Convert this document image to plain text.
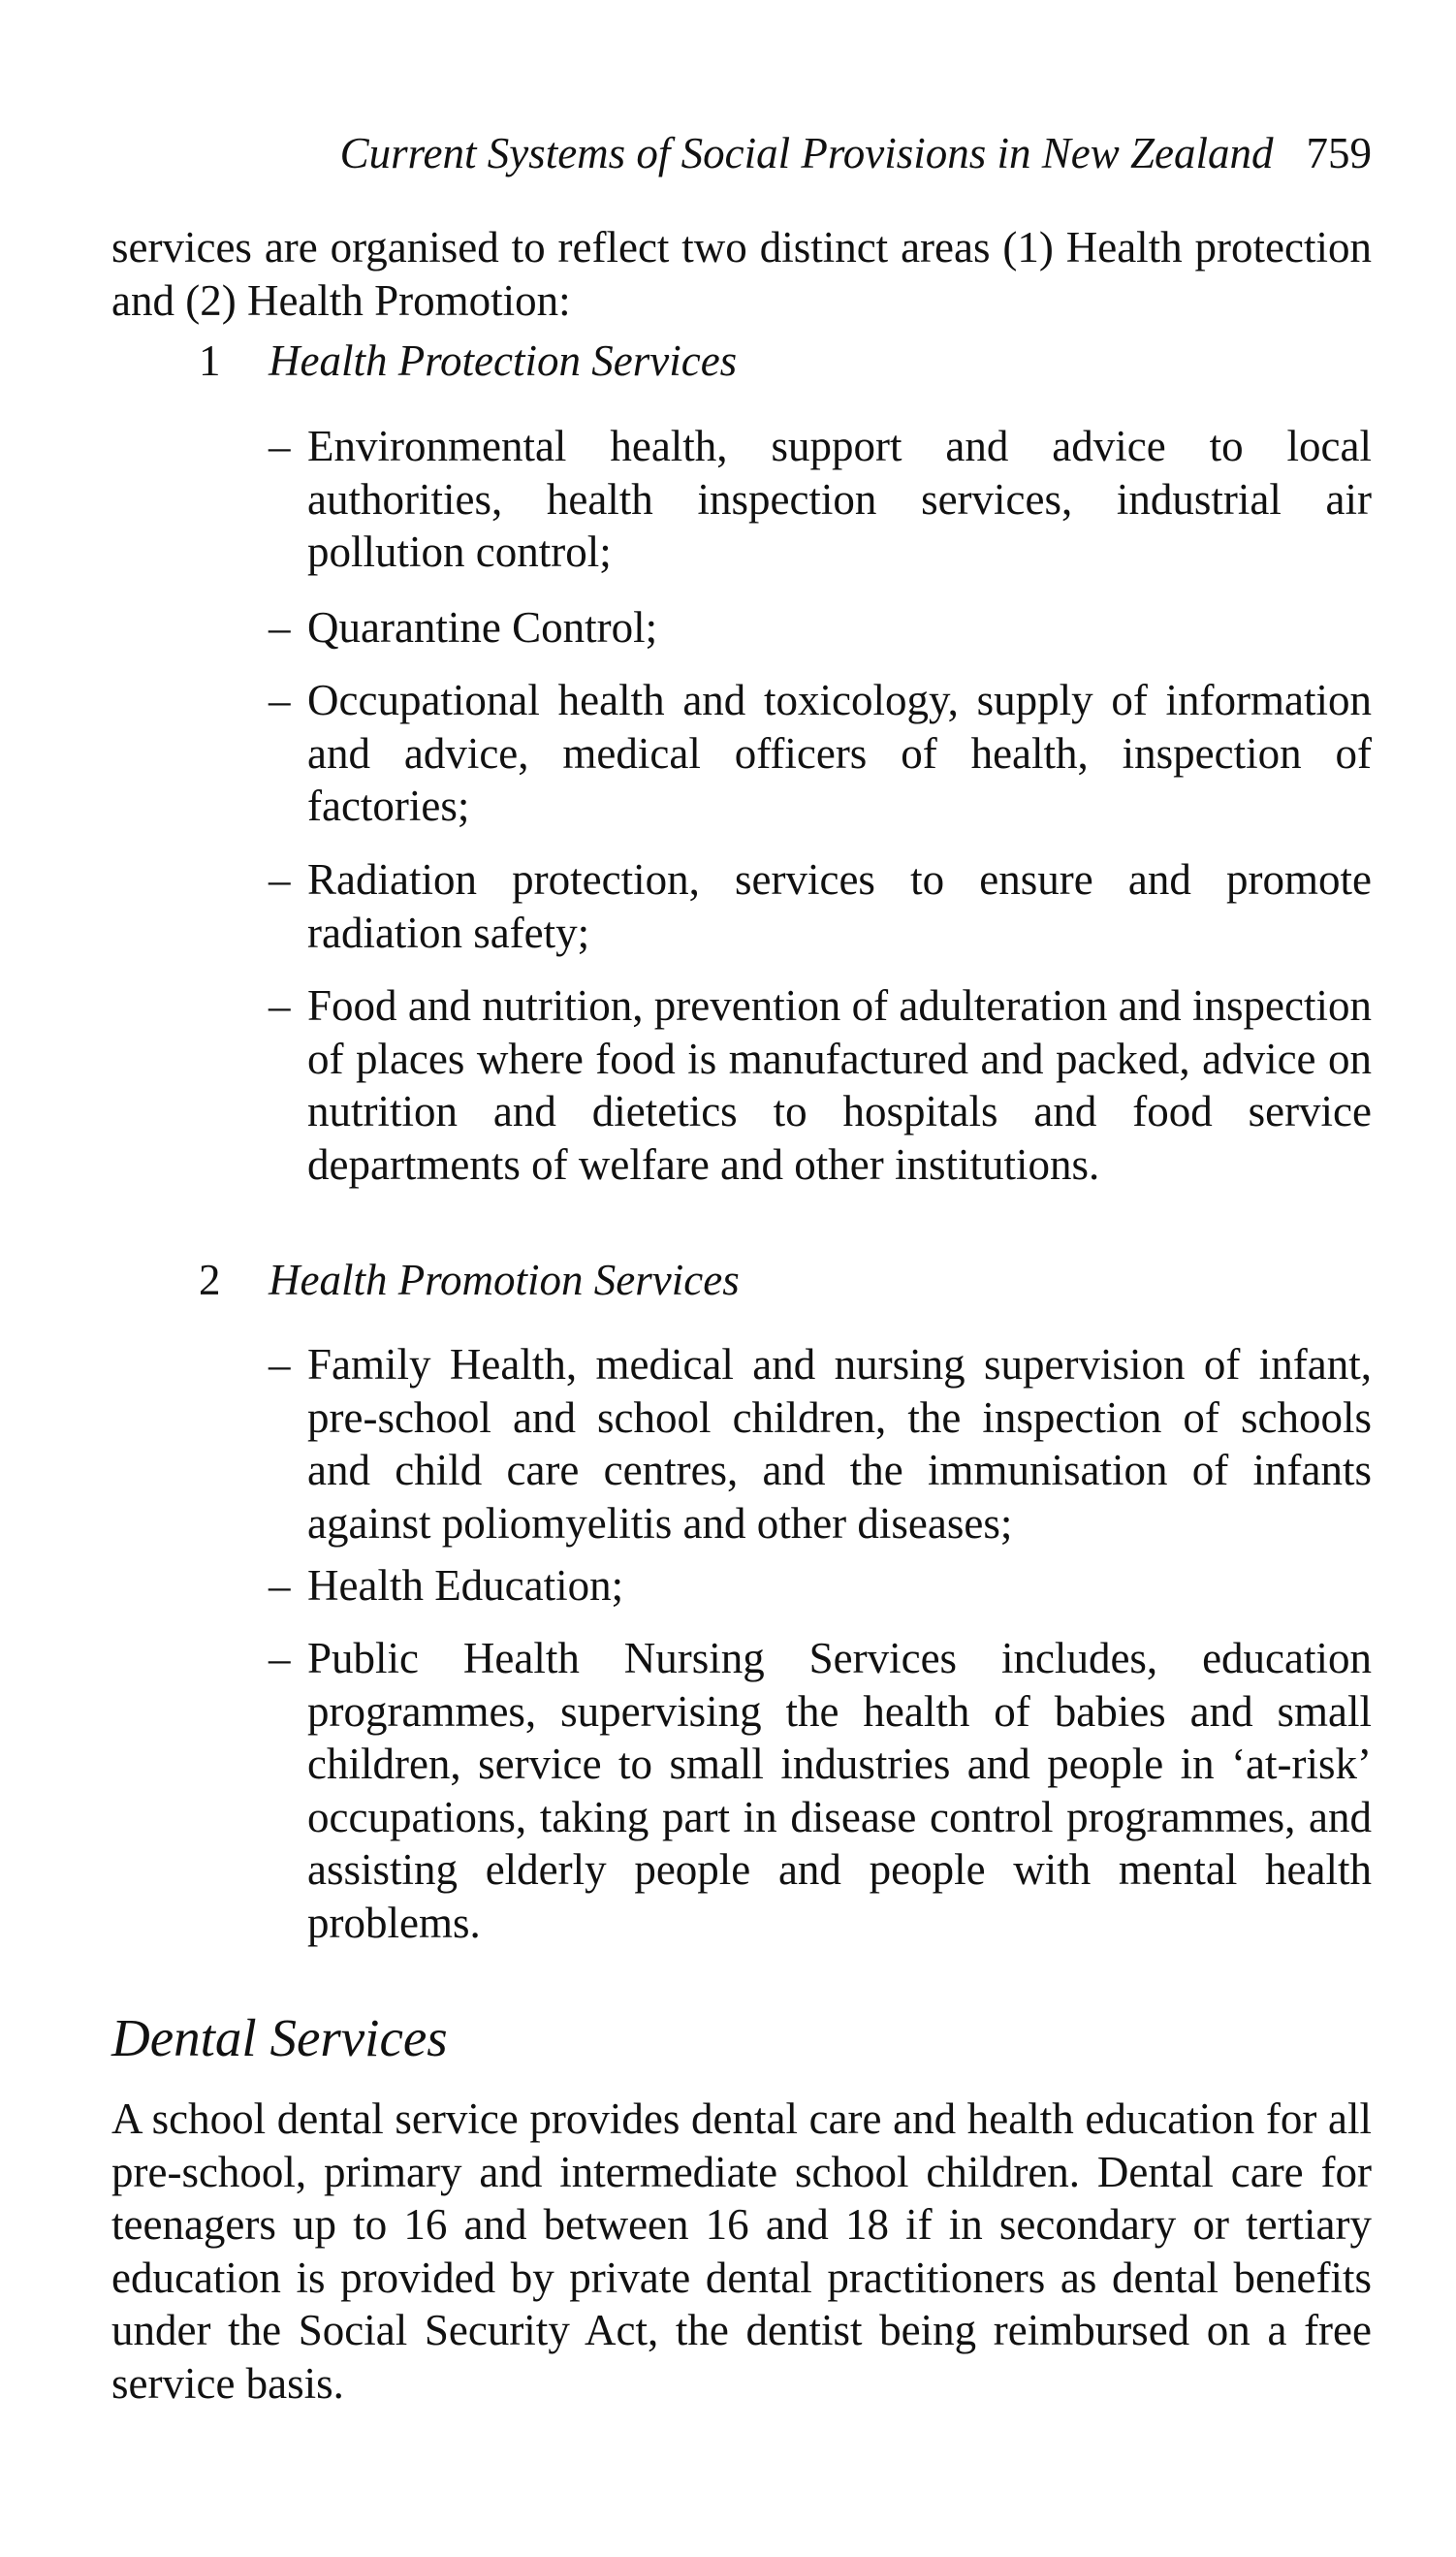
Current Systems of Social Provisions in New Zealand 759

services are organised to reflect two distinct areas (1) Health protection and (2) Health Promotion:

1 Health Protection Services
– Environmental health, support and advice to local authorities, health inspection services, industrial air pollution control;
– Quarantine Control;
– Occupational health and toxicology, supply of information and advice, medical officers of health, inspection of factories;
– Radiation protection, services to ensure and promote radiation safety;
– Food and nutrition, prevention of adulteration and inspection of places where food is manufactured and packed, advice on nutrition and dietetics to hospitals and food service departments of welfare and other institutions.
2 Health Promotion Services
– Family Health, medical and nursing supervision of infant, pre-school and school children, the inspection of schools and child care centres, and the immunisation of infants against poliomyelitis and other diseases;
– Health Education;
– Public Health Nursing Services includes, education programmes, supervising the health of babies and small children, service to small industries and people in ‘at-risk’ occupations, taking part in disease control programmes, and assisting elderly people and people with mental health problems.
Dental Services

A school dental service provides dental care and health education for all pre-school, primary and intermediate school children. Dental care for teenagers up to 16 and between 16 and 18 if in secondary or tertiary education is provided by private dental practitioners as dental benefits under the Social Security Act, the dentist being reimbursed on a free service basis.
